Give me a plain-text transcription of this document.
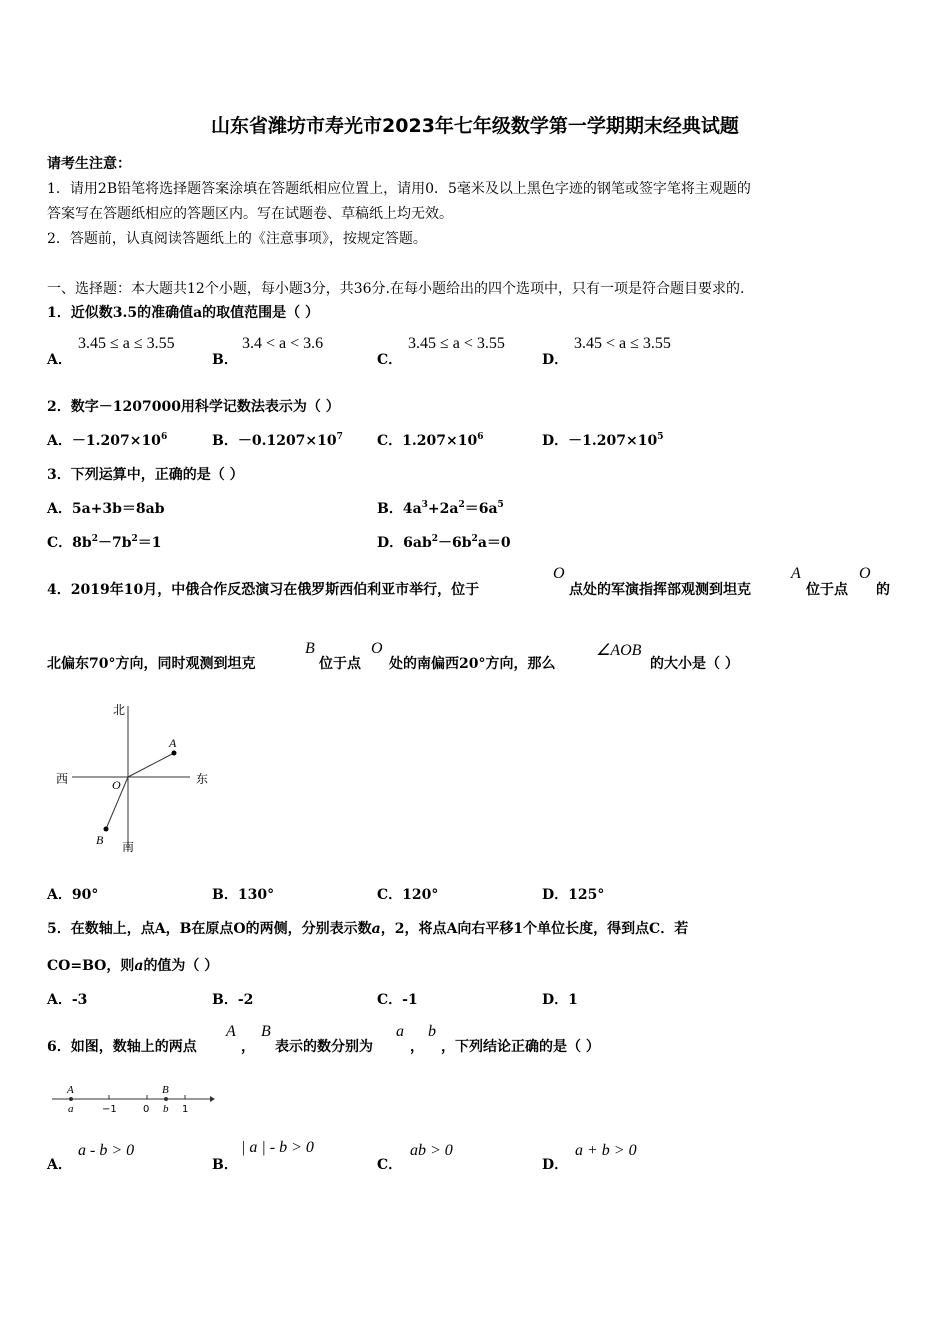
山东省潍坊市寿光市2023年七年级数学第一学期期末经典试题
请考生注意：
1．请用2B铅笔将选择题答案涂填在答题纸相应位置上，请用0．5毫米及以上黑色字迹的钢笔或签字笔将主观题的
答案写在答题纸相应的答题区内。写在试题卷、草稿纸上均无效。
2．答题前，认真阅读答题纸上的《注意事项》，按规定答题。
一、选择题：本大题共12个小题，每小题3分，共36分.在每小题给出的四个选项中，只有一项是符合题目要求的.
1．近似数3.5的准确值a的取值范围是（ ）
A．
3.45 ≤ a ≤ 3.55
B．
3.4 < a < 3.6
C．
3.45 ≤ a < 3.55
D．
3.45 < a ≤ 3.55
2．数字－1207000用科学记数法表示为（ ）
A．$-1.207\times 10^6$	B．$-0.1207\times 10^7$ C．$1.207\times 10^6$	D．$-1.207\times 10^5$
3．下列运算中，正确的是（ ）
A．5a+3b＝8ab	B．$4a^3+2a^2=6a^5$
C．$8b^2-7b^2=1$	D．$6ab^2-6b^2a=0$
4．2019年10月，中俄合作反恐演习在俄罗斯西伯利亚市举行，位于
O
点处的军演指挥部观测到坦克
A
位于点
O
的
北偏东70°方向，同时观测到坦克
B
位于点
O
处的南偏西20°方向，那么
∠AOB
的大小是（ ）
北
南
西	东
O
A
B
A．90°	B．130°	C．120°	D．125°
5．在数轴上，点A，B在原点O的两侧，分别表示数a，2，将点A向右平移1个单位长度，得到点C．若
CO=BO，则a的值为（ ）
A．-3	B．-2	C．-1	D．1
6．如图，数轴上的两点
A
，
B
表示的数分别为
a
，
b
，下列结论正确的是（ ）
A
a	−1	0
B
b 1
A．
a - b > 0
B．
| a | - b > 0
C．
ab > 0
D．
a + b > 0
